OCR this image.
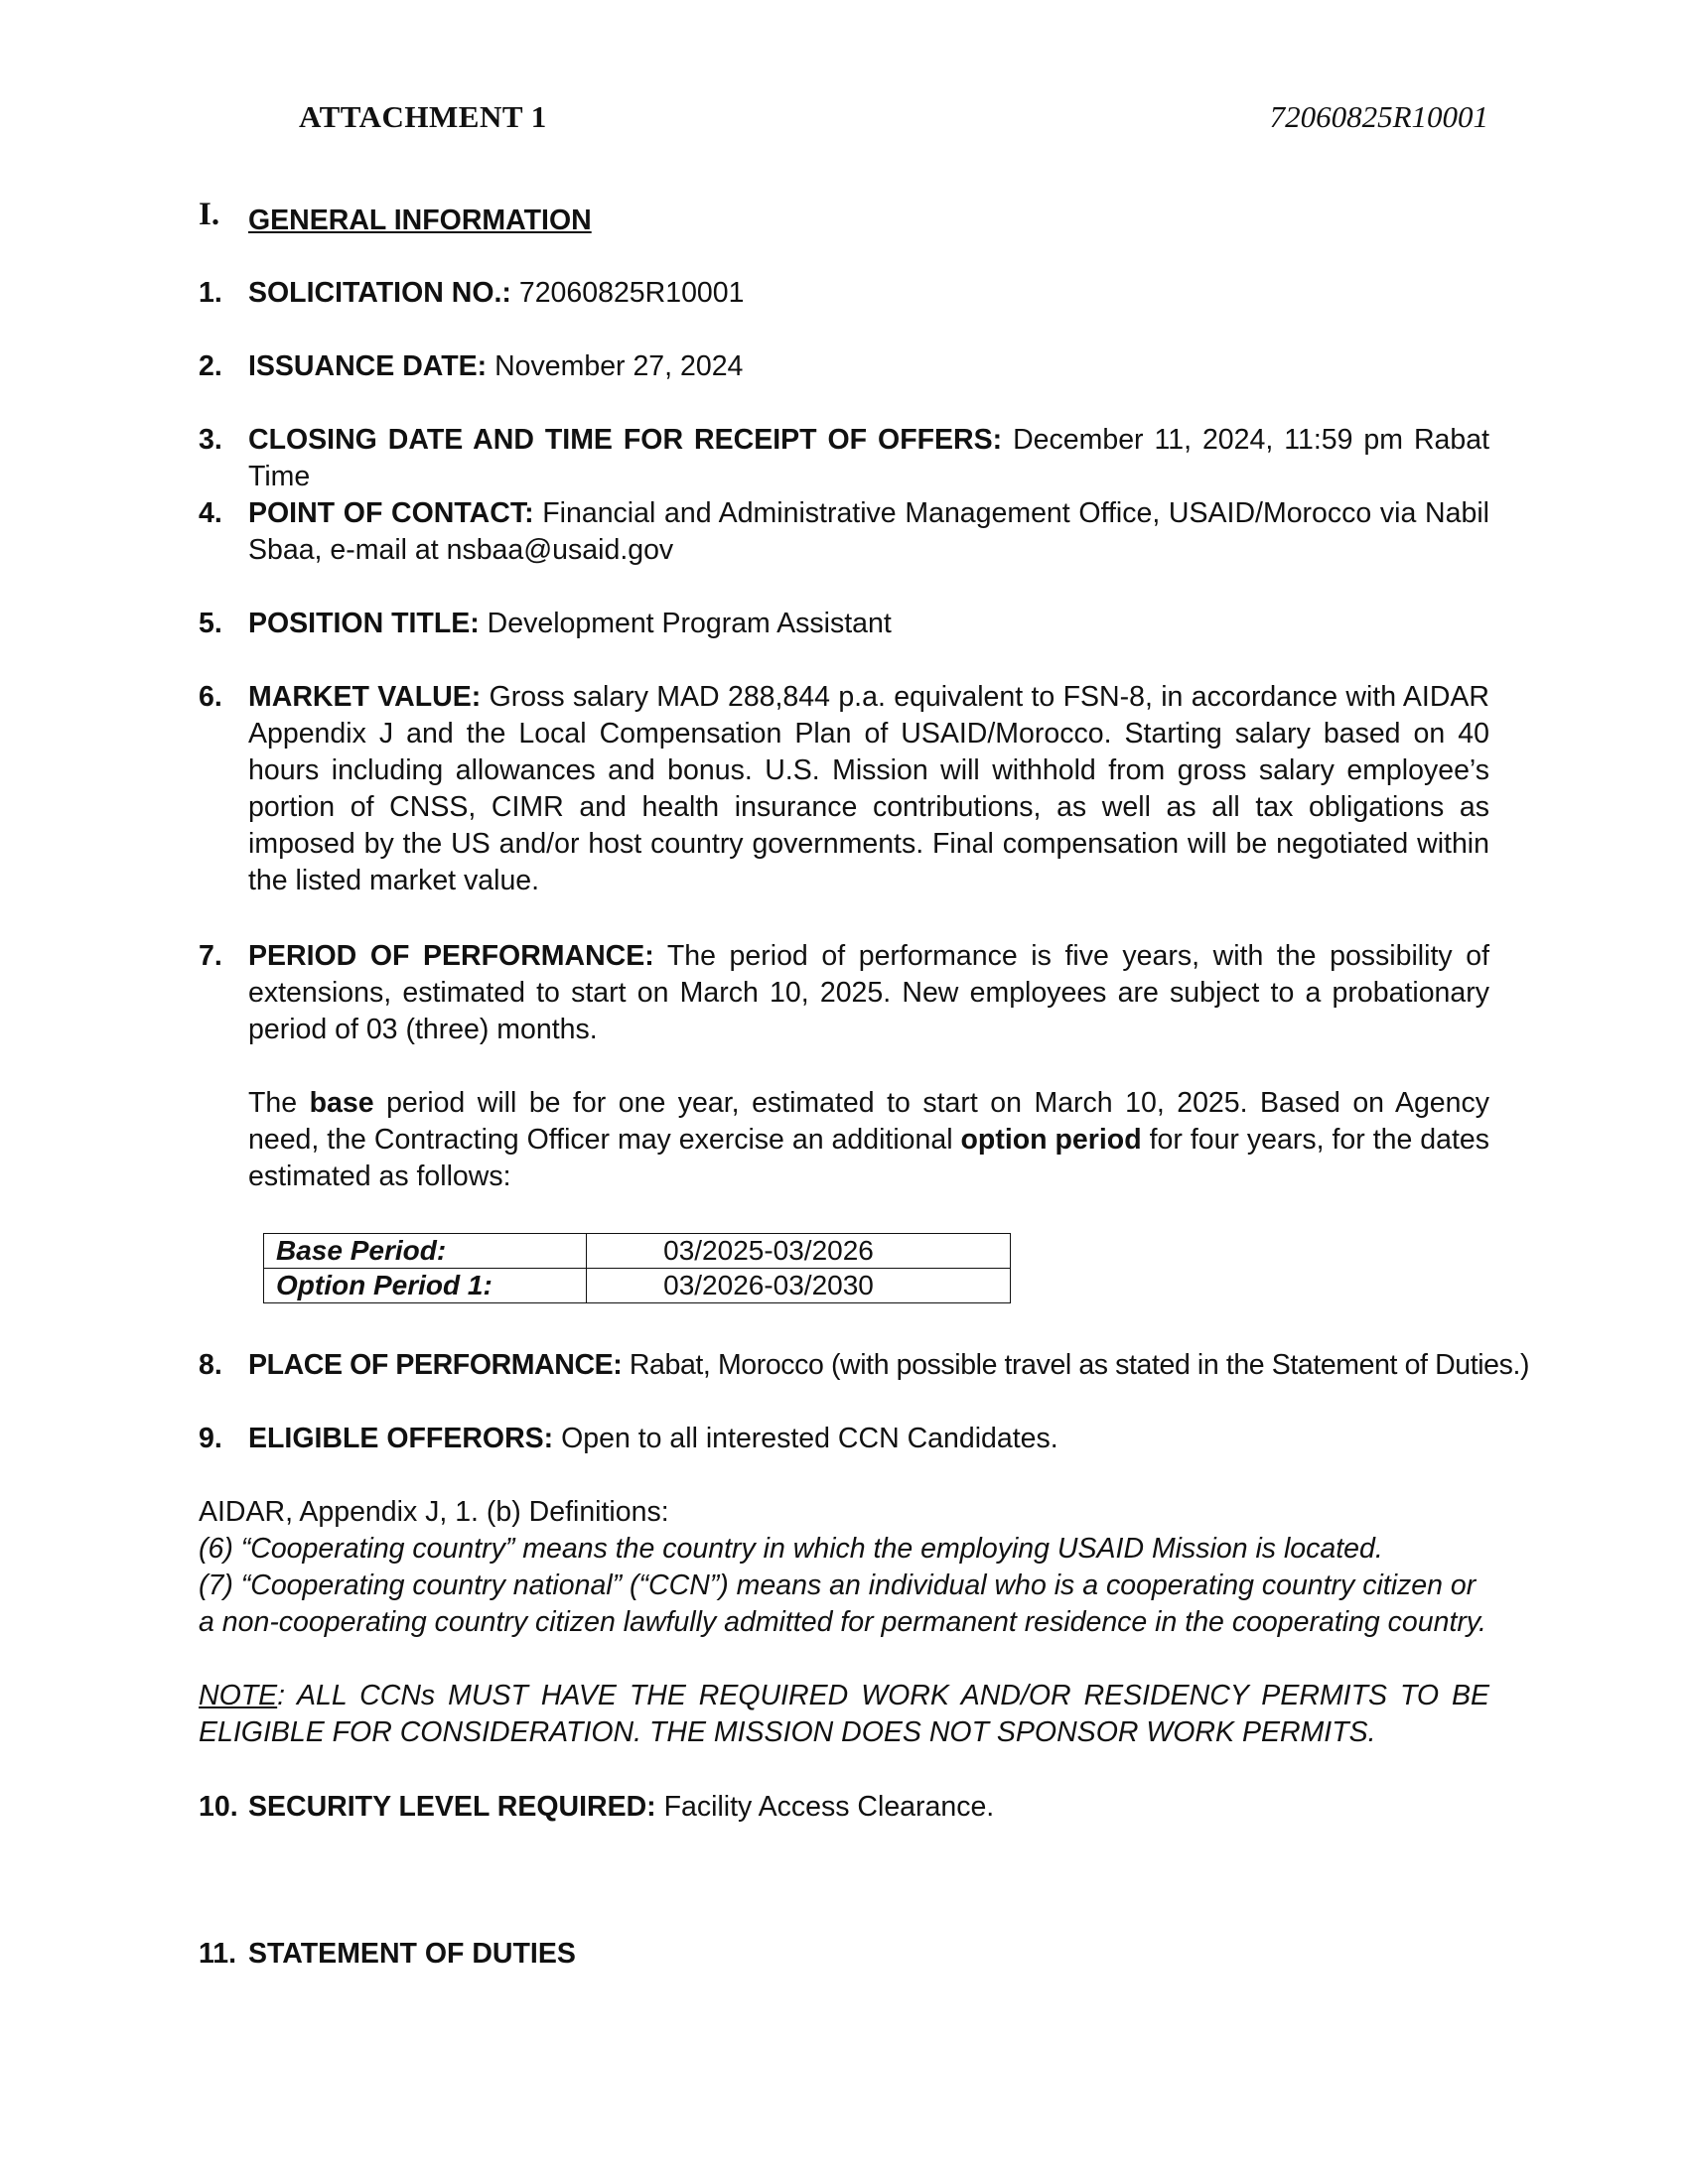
ATTACHMENT 1	72060825R10001
I. GENERAL INFORMATION
1. SOLICITATION NO.: 72060825R10001
2. ISSUANCE DATE: November 27, 2024
3. CLOSING DATE AND TIME FOR RECEIPT OF OFFERS: December 11, 2024, 11:59 pm Rabat Time
4. POINT OF CONTACT: Financial and Administrative Management Office, USAID/Morocco via Nabil Sbaa, e-mail at nsbaa@usaid.gov
5. POSITION TITLE: Development Program Assistant
6. MARKET VALUE: Gross salary MAD 288,844 p.a. equivalent to FSN-8, in accordance with AIDAR Appendix J and the Local Compensation Plan of USAID/Morocco. Starting salary based on 40 hours including allowances and bonus. U.S. Mission will withhold from gross salary employee’s portion of CNSS, CIMR and health insurance contributions, as well as all tax obligations as imposed by the US and/or host country governments. Final compensation will be negotiated within the listed market value.
7. PERIOD OF PERFORMANCE: The period of performance is five years, with the possibility of extensions, estimated to start on March 10, 2025. New employees are subject to a probationary period of 03 (three) months.
The base period will be for one year, estimated to start on March 10, 2025. Based on Agency need, the Contracting Officer may exercise an additional option period for four years, for the dates estimated as follows:
Base Period:	03/2025-03/2026
Option Period 1:	03/2026-03/2030
8. PLACE OF PERFORMANCE: Rabat, Morocco (with possible travel as stated in the Statement of Duties.)
9. ELIGIBLE OFFERORS: Open to all interested CCN Candidates.
AIDAR, Appendix J, 1. (b) Definitions:
(6) “Cooperating country” means the country in which the employing USAID Mission is located.
(7) “Cooperating country national” (“CCN”) means an individual who is a cooperating country citizen or a non-cooperating country citizen lawfully admitted for permanent residence in the cooperating country.
NOTE: ALL CCNs MUST HAVE THE REQUIRED WORK AND/OR RESIDENCY PERMITS TO BE ELIGIBLE FOR CONSIDERATION. THE MISSION DOES NOT SPONSOR WORK PERMITS.
10. SECURITY LEVEL REQUIRED: Facility Access Clearance.
11. STATEMENT OF DUTIES
